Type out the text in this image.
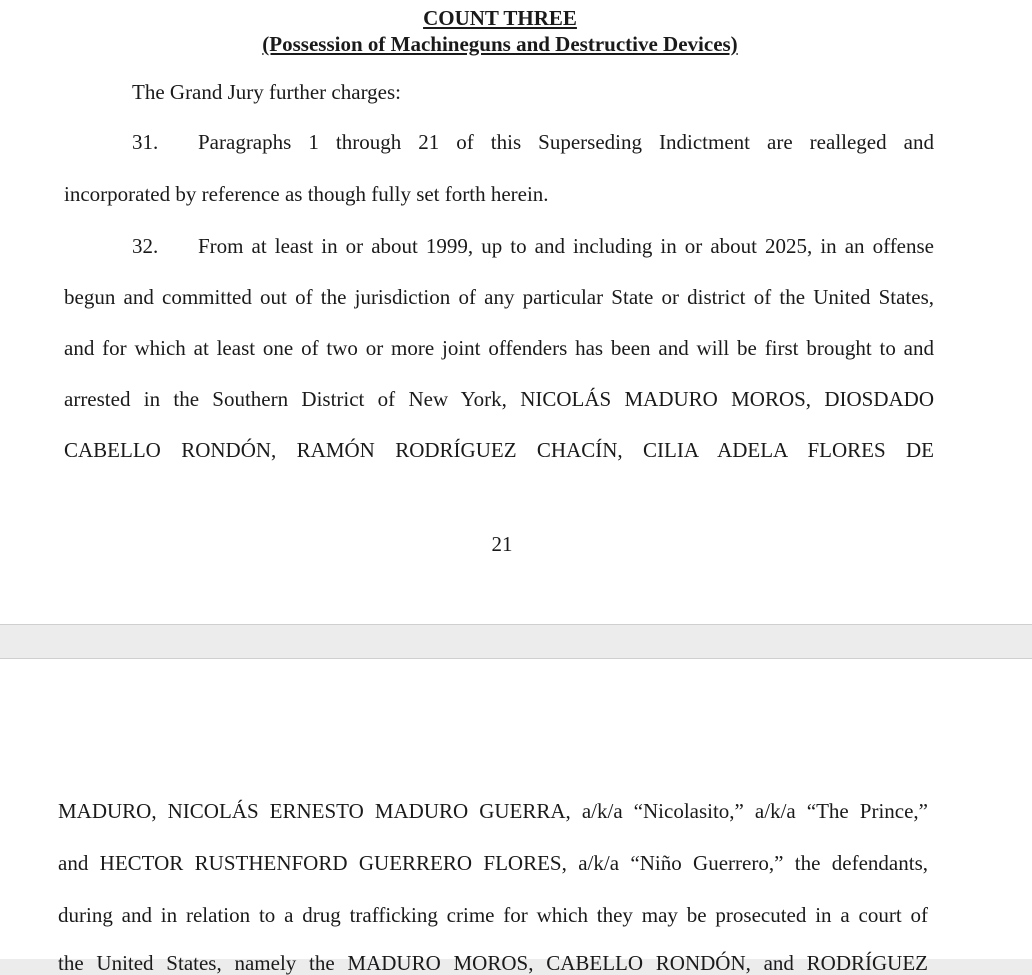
COUNT THREE
(Possession of Machineguns and Destructive Devices)
The Grand Jury further charges:
31. Paragraphs 1 through 21 of this Superseding Indictment are realleged and
incorporated by reference as though fully set forth herein.
32. From at least in or about 1999, up to and including in or about 2025, in an offense
begun and committed out of the jurisdiction of any particular State or district of the United States,
and for which at least one of two or more joint offenders has been and will be first brought to and
arrested in the Southern District of New York, NICOLÁS MADURO MOROS, DIOSDADO
CABELLO RONDÓN, RAMÓN RODRÍGUEZ CHACÍN, CILIA ADELA FLORES DE
21
MADURO, NICOLÁS ERNESTO MADURO GUERRA, a/k/a “Nicolasito,” a/k/a “The Prince,”
and HECTOR RUSTHENFORD GUERRERO FLORES, a/k/a “Niño Guerrero,” the defendants,
during and in relation to a drug trafficking crime for which they may be prosecuted in a court of
the United States, namely the MADURO MOROS, CABELLO RONDÓN, and RODRÍGUEZ
